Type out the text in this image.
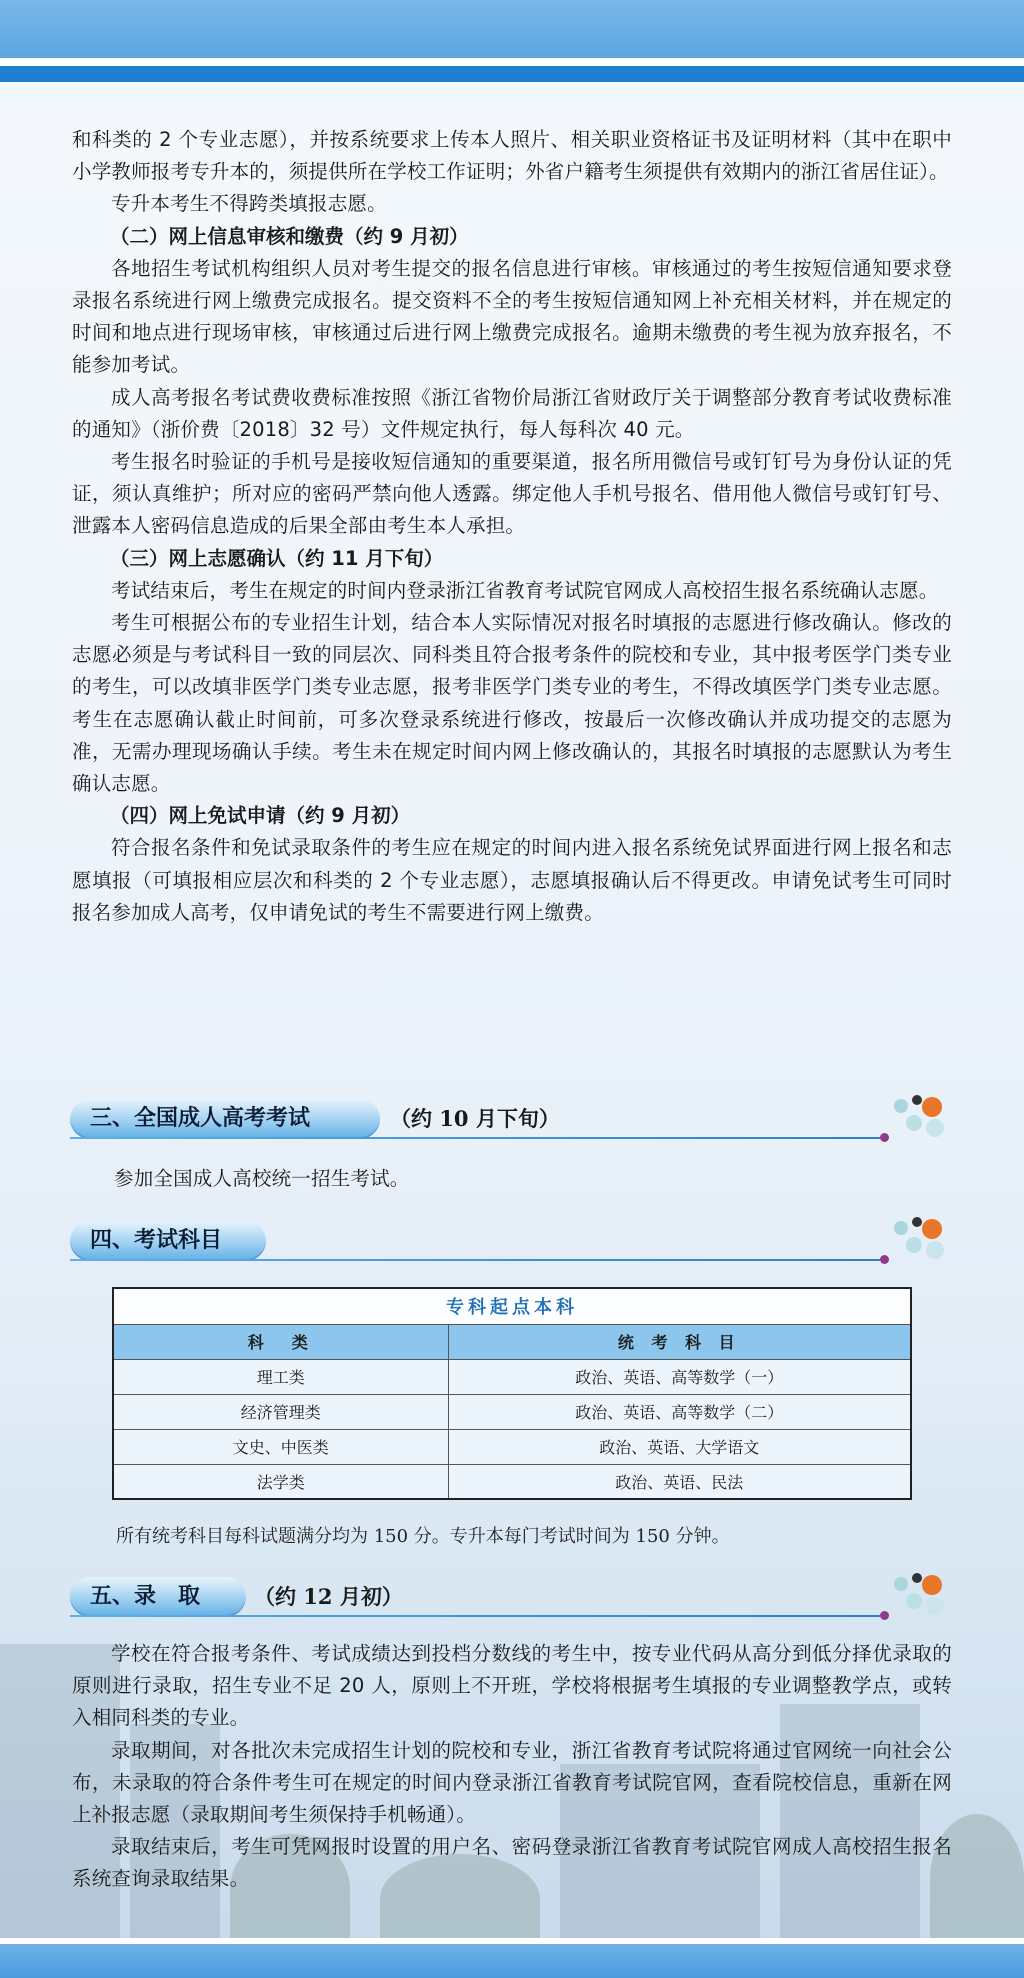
和科类的 2 个专业志愿），并按系统要求上传本人照片、相关职业资格证书及证明材料（其中在职中小学教师报考专升本的，须提供所在学校工作证明；外省户籍考生须提供有效期内的浙江省居住证）。

专升本考生不得跨类填报志愿。

（二）网上信息审核和缴费（约 9 月初）

各地招生考试机构组织人员对考生提交的报名信息进行审核。审核通过的考生按短信通知要求登录报名系统进行网上缴费完成报名。提交资料不全的考生按短信通知网上补充相关材料，并在规定的时间和地点进行现场审核，审核通过后进行网上缴费完成报名。逾期未缴费的考生视为放弃报名，不能参加考试。

成人高考报名考试费收费标准按照《浙江省物价局浙江省财政厅关于调整部分教育考试收费标准的通知》（浙价费〔2018〕32 号）文件规定执行，每人每科次 40 元。

考生报名时验证的手机号是接收短信通知的重要渠道，报名所用微信号或钉钉号为身份认证的凭证，须认真维护；所对应的密码严禁向他人透露。绑定他人手机号报名、借用他人微信号或钉钉号、泄露本人密码信息造成的后果全部由考生本人承担。

（三）网上志愿确认（约 11 月下旬）

考试结束后，考生在规定的时间内登录浙江省教育考试院官网成人高校招生报名系统确认志愿。

考生可根据公布的专业招生计划，结合本人实际情况对报名时填报的志愿进行修改确认。修改的志愿必须是与考试科目一致的同层次、同科类且符合报考条件的院校和专业，其中报考医学门类专业的考生，可以改填非医学门类专业志愿，报考非医学门类专业的考生，不得改填医学门类专业志愿。考生在志愿确认截止时间前，可多次登录系统进行修改，按最后一次修改确认并成功提交的志愿为准，无需办理现场确认手续。考生未在规定时间内网上修改确认的，其报名时填报的志愿默认为考生确认志愿。

（四）网上免试申请（约 9 月初）

符合报名条件和免试录取条件的考生应在规定的时间内进入报名系统免试界面进行网上报名和志愿填报（可填报相应层次和科类的 2 个专业志愿），志愿填报确认后不得更改。申请免试考生可同时报名参加成人高考，仅申请免试的考生不需要进行网上缴费。

三、全国成人高考考试	（约 10 月下旬）

参加全国成人高校统一招生考试。

四、考试科目
专科起点本科	
科　类	统 考 科 目
理工类	政治、英语、高等数学（一）
经济管理类	政治、英语、高等数学（二）
文史、中医类	政治、英语、大学语文
法学类	政治、英语、民法
所有统考科目每科试题满分均为 150 分。专升本每门考试时间为 150 分钟。
五、录　取	（约 12 月初）

学校在符合报考条件、考试成绩达到投档分数线的考生中，按专业代码从高分到低分择优录取的原则进行录取，招生专业不足 20 人，原则上不开班，学校将根据考生填报的专业调整教学点，或转入相同科类的专业。

录取期间，对各批次未完成招生计划的院校和专业，浙江省教育考试院将通过官网统一向社会公布，未录取的符合条件考生可在规定的时间内登录浙江省教育考试院官网，查看院校信息，重新在网上补报志愿（录取期间考生须保持手机畅通）。

录取结束后，考生可凭网报时设置的用户名、密码登录浙江省教育考试院官网成人高校招生报名系统查询录取结果。
